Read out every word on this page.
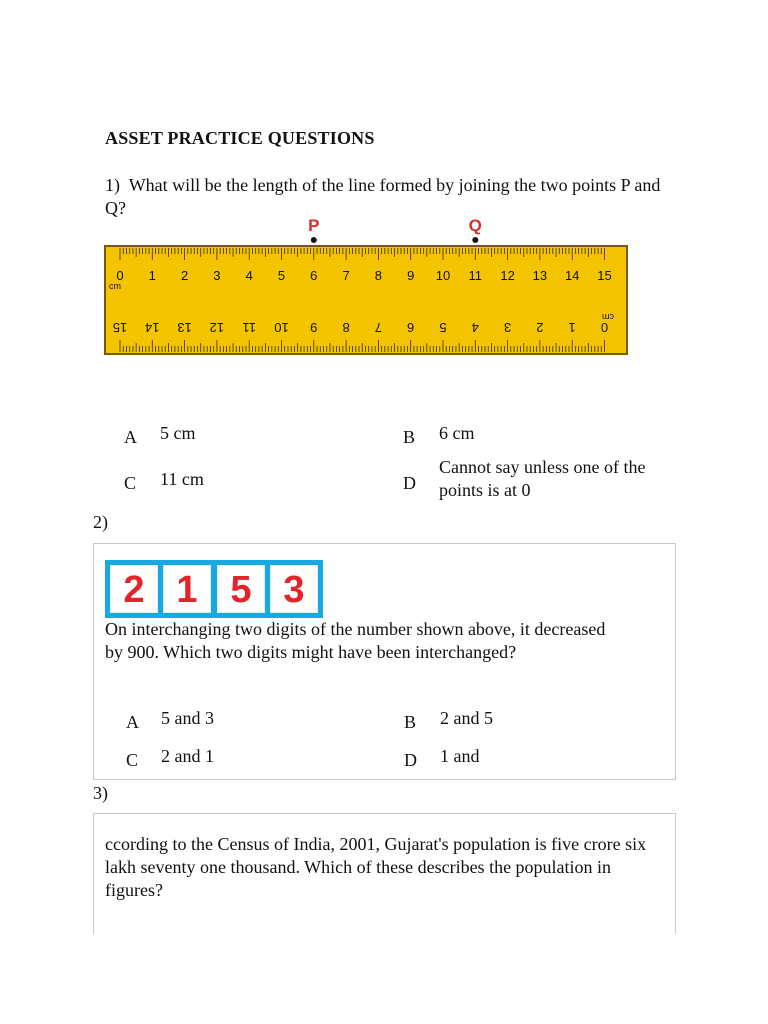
ASSET PRACTICE QUESTIONS
1) What will be the length of the line formed by joining the two points P and Q?
P	Q
0 1 2 3 4 5 6 7 8 9 10 11 12 13 14 15
15 14 13 12 11 10 9 8 7 6 5 4 3 2 1 0
cm
cm
A 5 cm	B 6 cm
C 11 cm	D
Cannot say unless one of the points is at 0
2)
2 1 5 3
On interchanging two digits of the number shown above, it decreased by 900. Which two digits might have been interchanged?
A 5 and 3	B 2 and 5
C 2 and 1	D 1 and
3)
ccording to the Census of India, 2001, Gujarat's population is five crore six lakh seventy one thousand. Which of these describes the population in figures?
